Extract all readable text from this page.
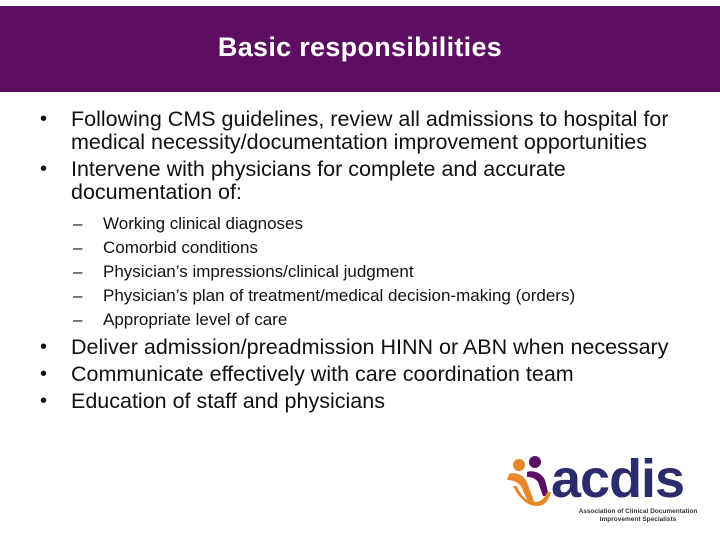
Basic responsibilities
• Following CMS guidelines, review all admissions to hospital for medical necessity/documentation improvement opportunities
• Intervene with physicians for complete and accurate documentation of:
– Working clinical diagnoses
– Comorbid conditions
– Physician’s impressions/clinical judgment
– Physician’s plan of treatment/medical decision-making (orders)
– Appropriate level of care
• Deliver admission/preadmission HINN or ABN when necessary
• Communicate effectively with care coordination team
• Education of staff and physicians
acdis
Association of Clinical Documentation Improvement Specialists
